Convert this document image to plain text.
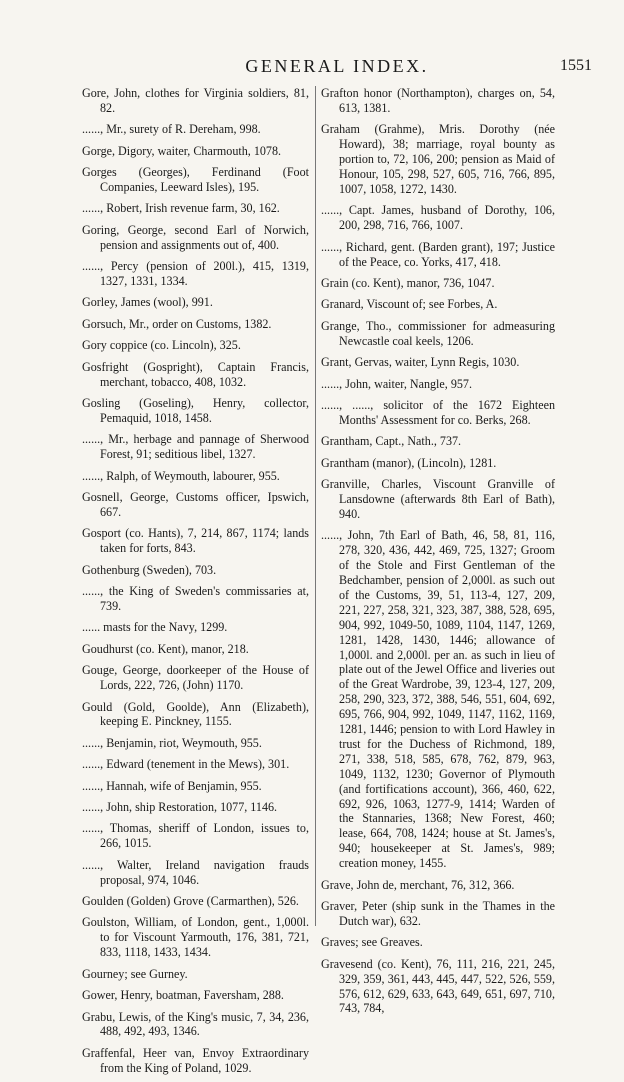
GENERAL INDEX.	1551

Gore, John, clothes for Virginia soldiers, 81, 82.

......, Mr., surety of R. Dereham, 998.

Gorge, Digory, waiter, Charmouth, 1078.

Gorges (Georges), Ferdinand (Foot Companies, Leeward Isles), 195.

......, Robert, Irish revenue farm, 30, 162.

Goring, George, second Earl of Norwich, pension and assignments out of, 400.

......, Percy (pension of 200l.), 415, 1319, 1327, 1331, 1334.

Gorley, James (wool), 991.

Gorsuch, Mr., order on Customs, 1382.

Gory coppice (co. Lincoln), 325.

Gosfright (Gospright), Captain Francis, merchant, tobacco, 408, 1032.

Gosling (Goseling), Henry, collector, Pemaquid, 1018, 1458.

......, Mr., herbage and pannage of Sherwood Forest, 91; seditious libel, 1327.

......, Ralph, of Weymouth, labourer, 955.

Gosnell, George, Customs officer, Ipswich, 667.

Gosport (co. Hants), 7, 214, 867, 1174; lands taken for forts, 843.

Gothenburg (Sweden), 703.

......, the King of Sweden's commissaries at, 739.

...... masts for the Navy, 1299.

Goudhurst (co. Kent), manor, 218.

Gouge, George, doorkeeper of the House of Lords, 222, 726, (John) 1170.

Gould (Gold, Goolde), Ann (Elizabeth), keeping E. Pinckney, 1155.

......, Benjamin, riot, Weymouth, 955.

......, Edward (tenement in the Mews), 301.

......, Hannah, wife of Benjamin, 955.

......, John, ship Restoration, 1077, 1146.

......, Thomas, sheriff of London, issues to, 266, 1015.

......, Walter, Ireland navigation frauds proposal, 974, 1046.

Goulden (Golden) Grove (Carmarthen), 526.

Goulston, William, of London, gent., 1,000l. to for Viscount Yarmouth, 176, 381, 721, 833, 1118, 1433, 1434.

Gourney; see Gurney.

Gower, Henry, boatman, Faversham, 288.

Grabu, Lewis, of the King's music, 7, 34, 236, 488, 492, 493, 1346.

Graffenfal, Heer van, Envoy Extraordinary from the King of Poland, 1029.

Grafton honor (Northampton), charges on, 54, 613, 1381.

Graham (Grahme), Mris. Dorothy (née Howard), 38; marriage, royal bounty as portion to, 72, 106, 200; pension as Maid of Honour, 105, 298, 527, 605, 716, 766, 895, 1007, 1058, 1272, 1430.

......, Capt. James, husband of Dorothy, 106, 200, 298, 716, 766, 1007.

......, Richard, gent. (Barden grant), 197; Justice of the Peace, co. Yorks, 417, 418.

Grain (co. Kent), manor, 736, 1047.

Granard, Viscount of; see Forbes, A.

Grange, Tho., commissioner for admeasuring Newcastle coal keels, 1206.

Grant, Gervas, waiter, Lynn Regis, 1030.

......, John, waiter, Nangle, 957.

......, ......, solicitor of the 1672 Eighteen Months' Assessment for co. Berks, 268.

Grantham, Capt., Nath., 737.

Grantham (manor), (Lincoln), 1281.

Granville, Charles, Viscount Granville of Lansdowne (afterwards 8th Earl of Bath), 940.

......, John, 7th Earl of Bath, 46, 58, 81, 116, 278, 320, 436, 442, 469, 725, 1327; Groom of the Stole and First Gentleman of the Bedchamber, pension of 2,000l. as such out of the Customs, 39, 51, 113-4, 127, 209, 221, 227, 258, 321, 323, 387, 388, 528, 695, 904, 992, 1049-50, 1089, 1104, 1147, 1269, 1281, 1428, 1430, 1446; allowance of 1,000l. and 2,000l. per an. as such in lieu of plate out of the Jewel Office and liveries out of the Great Wardrobe, 39, 123-4, 127, 209, 258, 290, 323, 372, 388, 546, 551, 604, 692, 695, 766, 904, 992, 1049, 1147, 1162, 1169, 1281, 1446; pension to with Lord Hawley in trust for the Duchess of Richmond, 189, 271, 338, 518, 585, 678, 762, 879, 963, 1049, 1132, 1230; Governor of Plymouth (and fortifications account), 366, 460, 622, 692, 926, 1063, 1277-9, 1414; Warden of the Stannaries, 1368; New Forest, 460; lease, 664, 708, 1424; house at St. James's, 940; housekeeper at St. James's, 989; creation money, 1455.

Grave, John de, merchant, 76, 312, 366.

Graver, Peter (ship sunk in the Thames in the Dutch war), 632.

Graves; see Greaves.

Gravesend (co. Kent), 76, 111, 216, 221, 245, 329, 359, 361, 443, 445, 447, 522, 526, 559, 576, 612, 629, 633, 643, 649, 651, 697, 710, 743, 784,
